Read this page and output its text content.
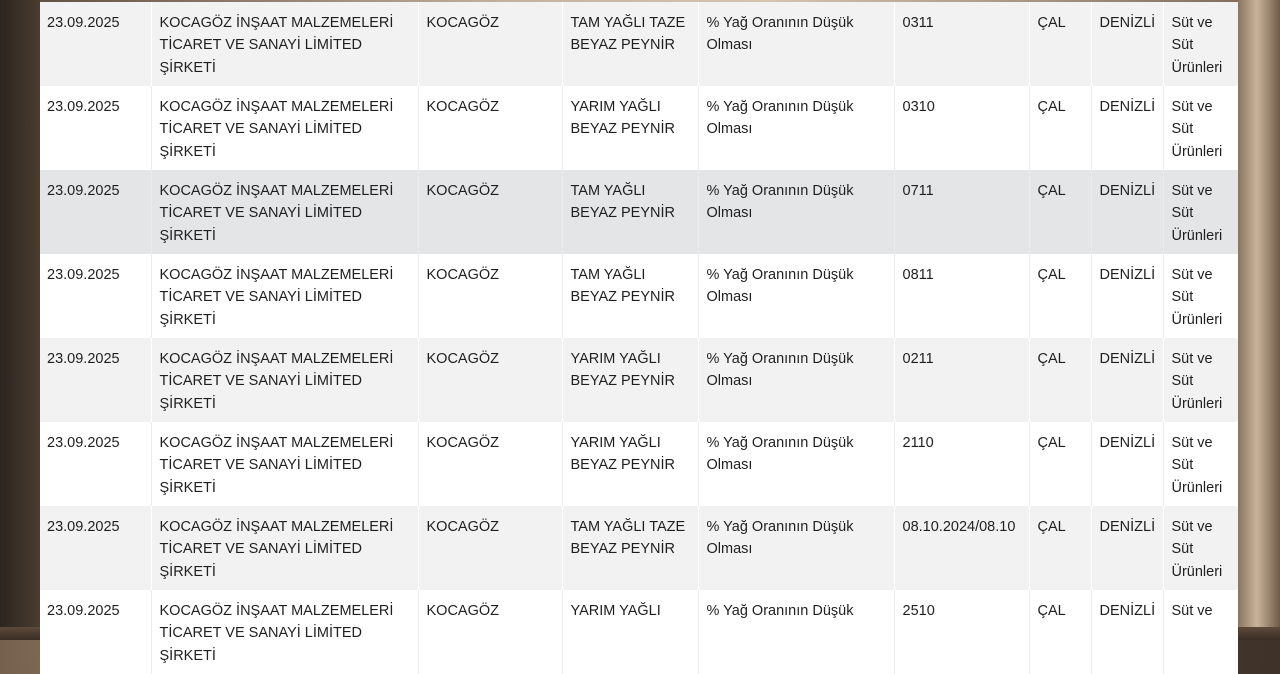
23.09.2025	KOCAGÖZ İNŞAAT MALZEMELERİ TİCARET VE SANAYİ LİMİTED ŞİRKETİ	KOCAGÖZ	TAM YAĞLI TAZE BEYAZ PEYNİR	% Yağ Oranının Düşük Olması	0311	ÇAL	DENİZLİ	Süt ve Süt Ürünleri
23.09.2025	KOCAGÖZ İNŞAAT MALZEMELERİ TİCARET VE SANAYİ LİMİTED ŞİRKETİ	KOCAGÖZ	YARIM YAĞLI BEYAZ PEYNİR	% Yağ Oranının Düşük Olması	0310	ÇAL	DENİZLİ	Süt ve Süt Ürünleri
23.09.2025	KOCAGÖZ İNŞAAT MALZEMELERİ TİCARET VE SANAYİ LİMİTED ŞİRKETİ	KOCAGÖZ	TAM YAĞLI BEYAZ PEYNİR	% Yağ Oranının Düşük Olması	0711	ÇAL	DENİZLİ	Süt ve Süt Ürünleri
23.09.2025	KOCAGÖZ İNŞAAT MALZEMELERİ TİCARET VE SANAYİ LİMİTED ŞİRKETİ	KOCAGÖZ	TAM YAĞLI BEYAZ PEYNİR	% Yağ Oranının Düşük Olması	0811	ÇAL	DENİZLİ	Süt ve Süt Ürünleri
23.09.2025	KOCAGÖZ İNŞAAT MALZEMELERİ TİCARET VE SANAYİ LİMİTED ŞİRKETİ	KOCAGÖZ	YARIM YAĞLI BEYAZ PEYNİR	% Yağ Oranının Düşük Olması	0211	ÇAL	DENİZLİ	Süt ve Süt Ürünleri
23.09.2025	KOCAGÖZ İNŞAAT MALZEMELERİ TİCARET VE SANAYİ LİMİTED ŞİRKETİ	KOCAGÖZ	YARIM YAĞLI BEYAZ PEYNİR	% Yağ Oranının Düşük Olması	2110	ÇAL	DENİZLİ	Süt ve Süt Ürünleri
23.09.2025	KOCAGÖZ İNŞAAT MALZEMELERİ TİCARET VE SANAYİ LİMİTED ŞİRKETİ	KOCAGÖZ	TAM YAĞLI TAZE BEYAZ PEYNİR	% Yağ Oranının Düşük Olması	08.10.2024/08.10	ÇAL	DENİZLİ	Süt ve Süt Ürünleri
23.09.2025	KOCAGÖZ İNŞAAT MALZEMELERİ TİCARET VE SANAYİ LİMİTED ŞİRKETİ	KOCAGÖZ	YARIM YAĞLI	% Yağ Oranının Düşük	2510	ÇAL	DENİZLİ	Süt ve
